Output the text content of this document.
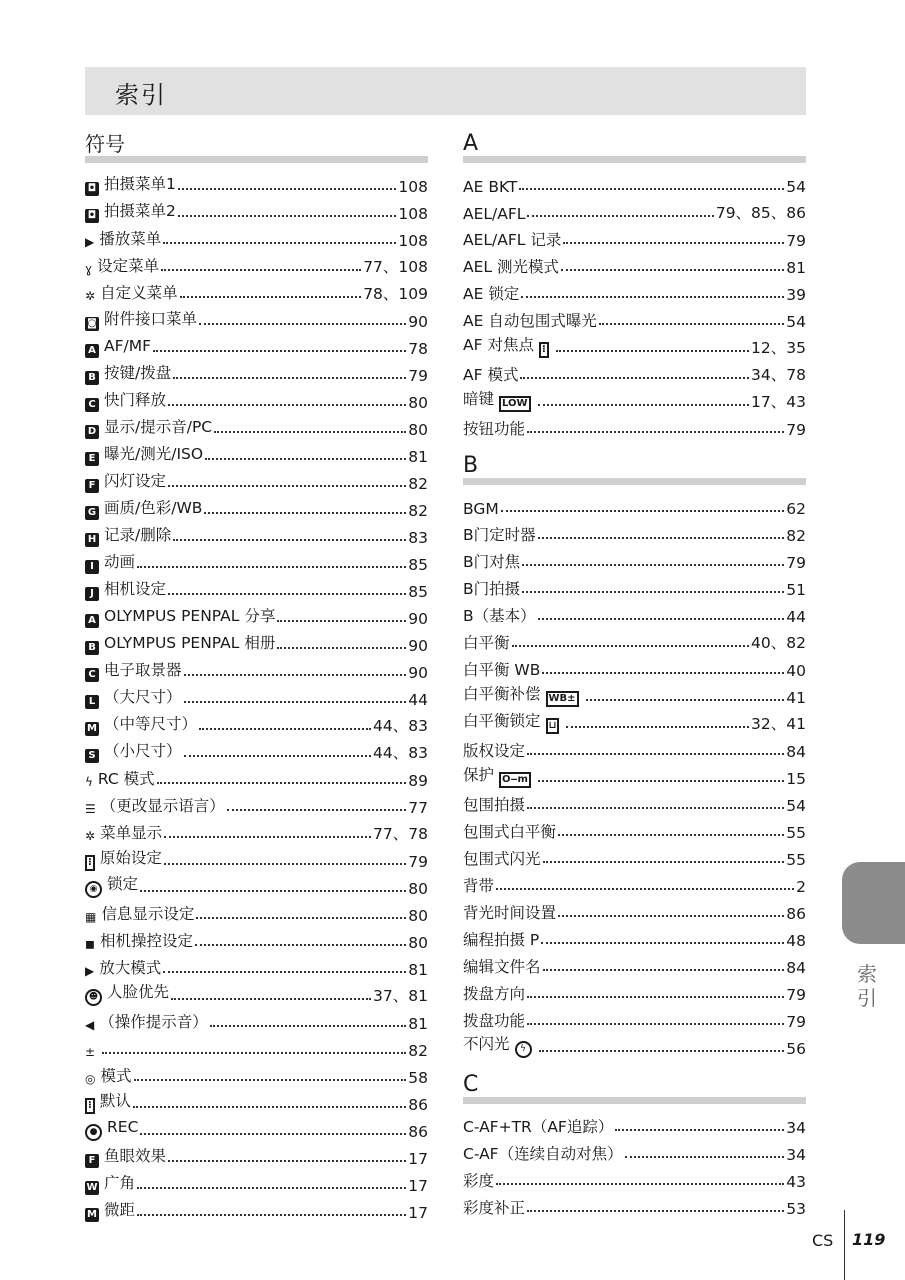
索引
符号
◘ 拍摄菜单1	108
◘ 拍摄菜单2	108
▶ 播放菜单	108
ɣ 设定菜单	77、108
✲ 自定义菜单	78、109
◙ 附件接口菜单	90
A AF/MF	78
B 按键/拨盘	79
C 快门释放	80
D 显示/提示音/PC	80
E 曝光/测光/ISO	81
F 闪灯设定	82
G 画质/色彩/WB	82
H 记录/删除	83
I 动画	85
J 相机设定	85
A OLYMPUS PENPAL 分享	90
B OLYMPUS PENPAL 相册	90
C 电子取景器	90
L （大尺寸）	44
M （中等尺寸）	44、83
S （小尺寸）	44、83
ϟ RC 模式	89
☰ （更改显示语言）	77
✲ 菜单显示	77、78
⁝ 原始设定	79
◉ 锁定	80
▦ 信息显示设定	80
◼ 相机操控设定	80
▶ 放大模式	81
☻ 人脸优先	37、81
◀ （操作提示音）	81
±	82
◎ 模式	58
⁝ 默认	86
● REC	86
F 鱼眼效果	17
W 广角	17
M 微距	17
A
AE BKT	54
AEL/AFL	79、85、86
AEL/AFL 记录	79
AEL 测光模式	81
AE 锁定	39
AE 自动包围式曝光	54
AF 对焦点 ⁝	12、35
AF 模式	34、78
暗键 LOW	17、43
按钮功能	79
B
BGM	62
B门定时器	82
B门对焦	79
B门拍摄	51
B（基本）	44
白平衡	40、82
白平衡 WB	40
白平衡补偿 WB±	41
白平衡锁定 ⊔	32、41
版权设定	84
保护 O‒m	15
包围拍摄	54
包围式白平衡	55
包围式闪光	55
背带	2
背光时间设置	86
编程拍摄 P	48
编辑文件名	84
拨盘方向	79
拨盘功能	79
不闪光 ϟ	56
C
C-AF+TR（AF追踪）	34
C-AF（连续自动对焦）	34
彩度	43
彩度补正	53
索引
CS 119
